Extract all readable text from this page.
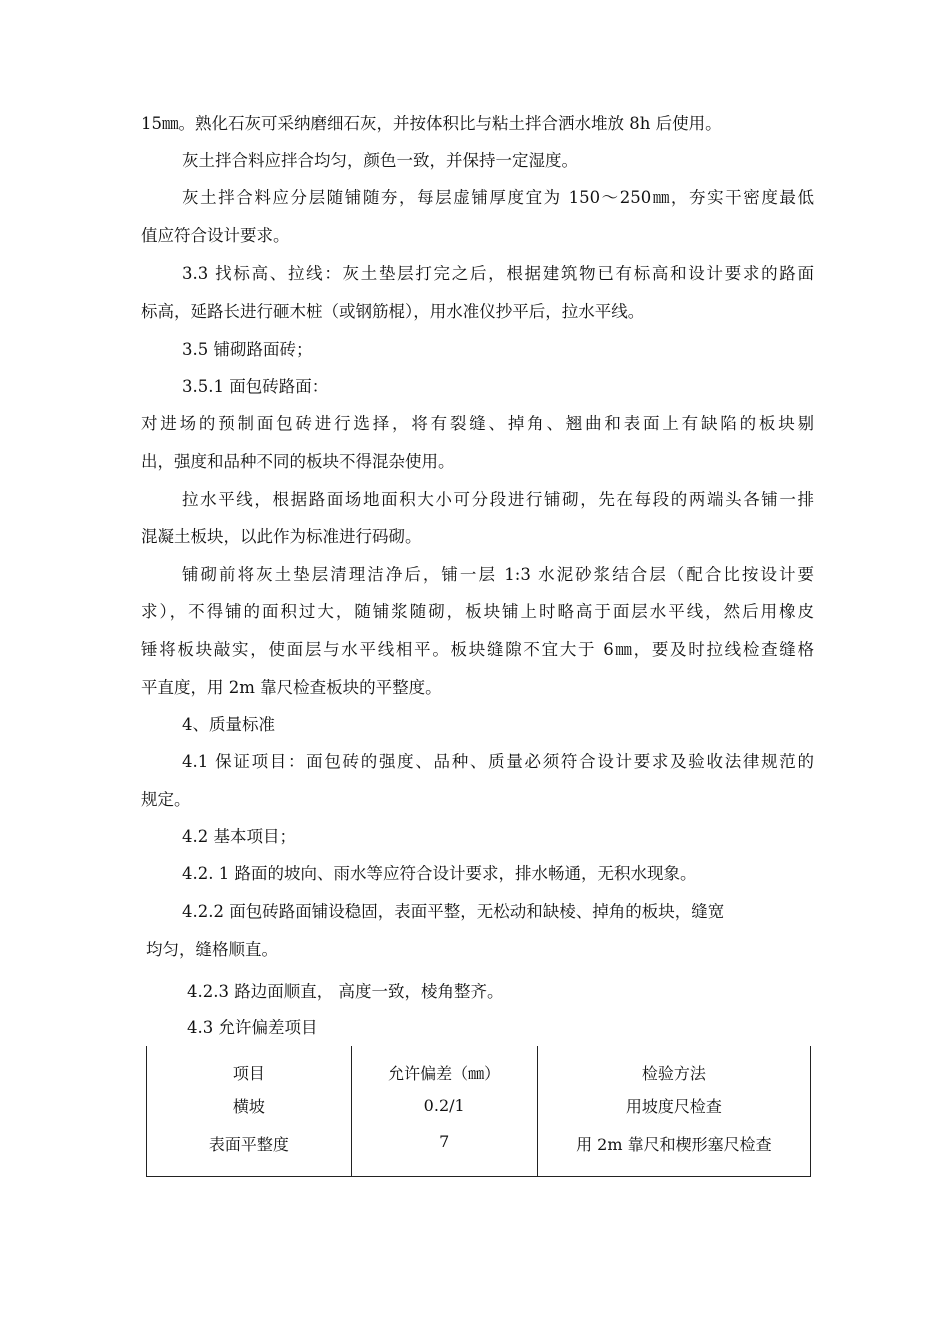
15㎜。熟化石灰可采纳磨细石灰，并按体积比与粘土拌合洒水堆放 8h 后使用。
灰土拌合料应拌合均匀，颜色一致，并保持一定湿度。
灰土拌合料应分层随铺随夯，每层虚铺厚度宜为 150～250㎜，夯实干密度最低
值应符合设计要求。
3.3 找标高、拉线：灰土垫层打完之后，根据建筑物已有标高和设计要求的路面
标高，延路长进行砸木桩（或钢筋棍），用水准仪抄平后，拉水平线。
3.5 铺砌路面砖；
3.5.1 面包砖路面：
对进场的预制面包砖进行选择，将有裂缝、掉角、翘曲和表面上有缺陷的板块剔
出，强度和品种不同的板块不得混杂使用。
拉水平线，根据路面场地面积大小可分段进行铺砌，先在每段的两端头各铺一排
混凝土板块，以此作为标准进行码砌。
铺砌前将灰土垫层清理洁净后，铺一层 1:3 水泥砂浆结合层（配合比按设计要
求），不得铺的面积过大，随铺浆随砌，板块铺上时略高于面层水平线，然后用橡皮
锤将板块敲实，使面层与水平线相平。板块缝隙不宜大于 6㎜，要及时拉线检查缝格
平直度，用 2m 靠尺检查板块的平整度。
4、质量标准
4.1 保证项目：面包砖的强度、品种、质量必须符合设计要求及验收法律规范的
规定。
4.2 基本项目；
4.2. 1 路面的坡向、雨水等应符合设计要求，排水畅通，无积水现象。
4.2.2 面包砖路面铺设稳固，表面平整，无松动和缺棱、掉角的板块，缝宽
均匀，缝格顺直。
4.2.3 路边面顺直， 高度一致，棱角整齐。
4.3 允许偏差项目
项目	允许偏差（㎜）	检验方法
横坡	0.2/1	用坡度尺检查
表面平整度	7	用 2m 靠尺和楔形塞尺检查
